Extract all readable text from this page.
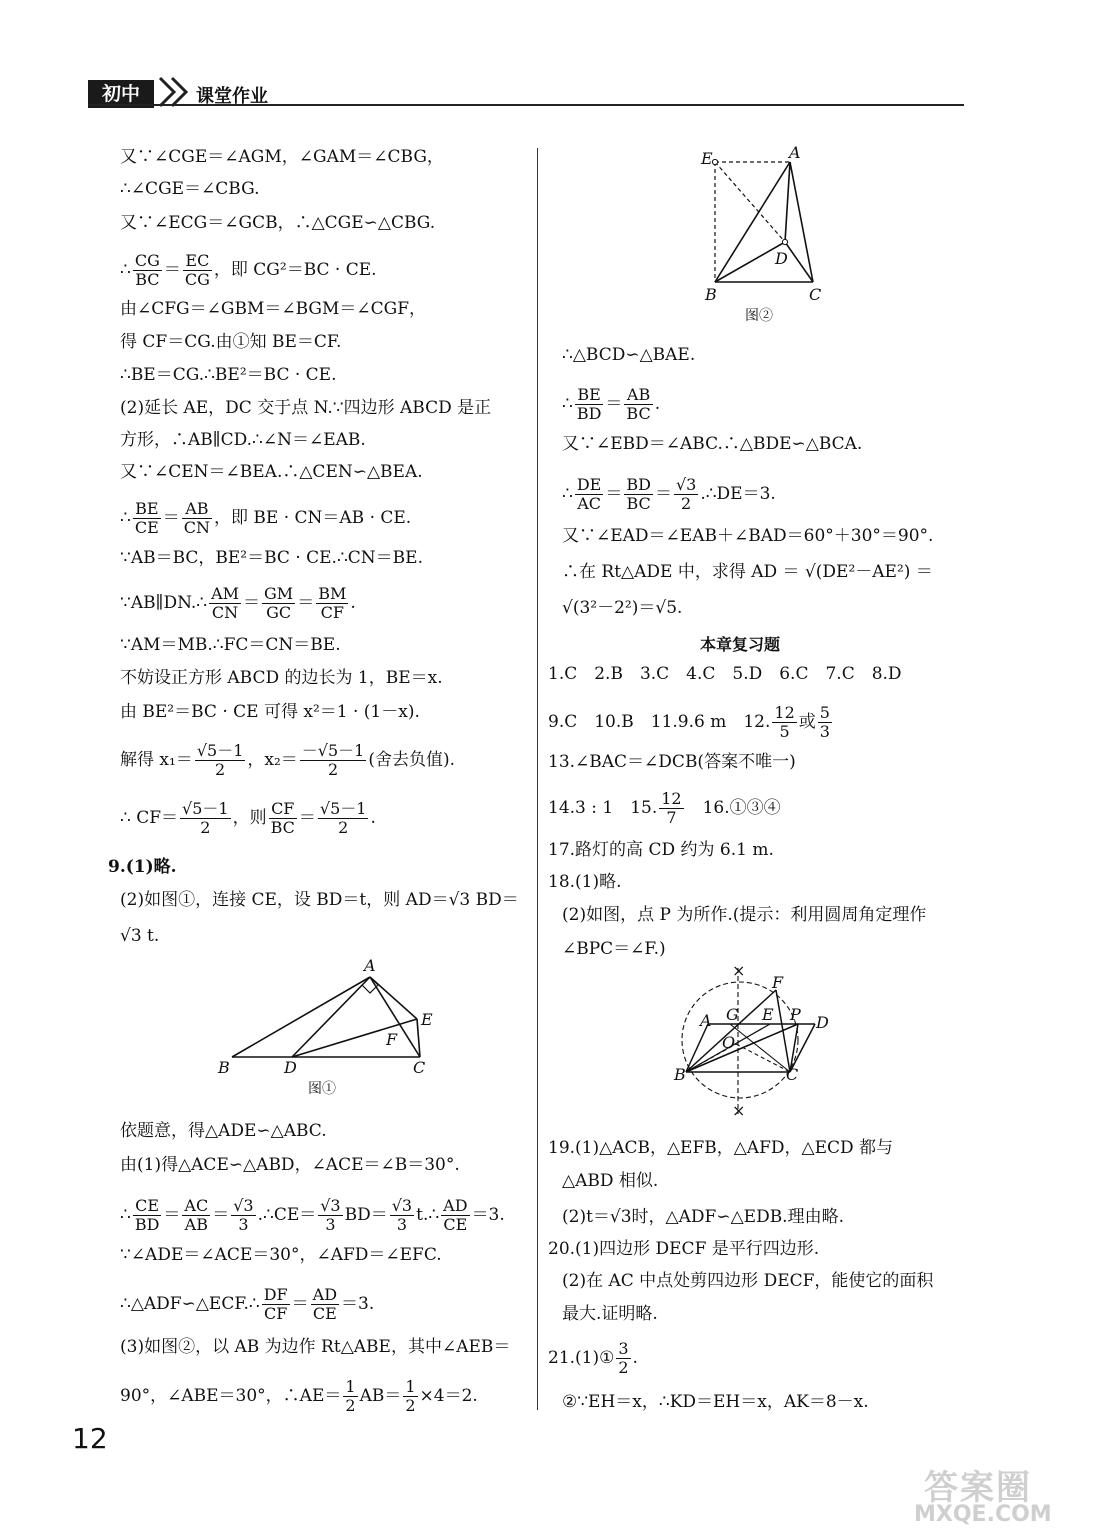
初中	课堂作业
又∵∠CGE＝∠AGM，∠GAM＝∠CBG，
∴∠CGE＝∠CBG.
又∵∠ECG＝∠GCB，∴△CGE∽△CBG.
∴ $\frac{CG}{BC} = \frac{EC}{CG}$ ，即 CG²＝BC · CE.
由∠CFG＝∠GBM＝∠BGM＝∠CGF，
得 CF＝CG.由①知 BE＝CF.
∴BE＝CG.∴BE²＝BC · CE.
(2)延长 AE，DC 交于点 N.∵四边形 ABCD 是正
方形，∴AB∥CD.∴∠N＝∠EAB.
又∵∠CEN＝∠BEA.∴△CEN∽△BEA.
∴ $\frac{BE}{CE} = \frac{AB}{CN}$ ，即 BE · CN＝AB · CE.
∵AB＝BC，BE²＝BC · CE.∴CN＝BE.
∵AB∥DN.∴ $\frac{AM}{CN} = \frac{GM}{GC} = \frac{BM}{CF}$ .
∵AM＝MB.∴FC＝CN＝BE.
不妨设正方形 ABCD 的边长为 1，BE＝x.
由 BE²＝BC · CE 可得 x²＝1 · (1－x).
解得 $x_1= \frac{√5-1}{2}$ ，$x_2= \frac{-√5-1}{2}$ (舍去负值).
∴ $CF= \frac{√5-1}{2}$ ，则 $\frac{CF}{BC} = \frac{√5-1}{2}$ .
9.(1)略.
(2)如图①，连接 CE，设 BD＝t，则 AD＝√3 BD＝
√3 t.
A
B	D	C
E
F
图①
依题意，得△ADE∽△ABC.
由(1)得△ACE∽△ABD，∠ACE＝∠B＝30°.
∴ $\frac{CE}{BD} = \frac{AC}{AB} = \frac{√3}{3}$ .∴CE＝ $\frac{√3}{3} BD= \frac{√3}{3}$ t.∴ $\frac{AD}{CE} =3$.
∵∠ADE＝∠ACE＝30°，∠AFD＝∠EFC.
∴△ADF∽△ECF.∴ $\frac{DF}{CF} = \frac{AD}{CE} =3$.
(3)如图②，以 AB 为边作 Rt△ABE，其中∠AEB＝
90°，∠ABE＝30°，∴AE＝ $\frac{1}{2} AB= \frac{1}{2} \times 4=2$.
E	A
D
B	C
图②
∴△BCD∽△BAE.
∴ $\frac{BE}{BD} = \frac{AB}{BC}$ .
又∵∠EBD＝∠ABC.∴△BDE∽△BCA.
∴ $\frac{DE}{AC} = \frac{BD}{BC} = \frac{√3}{2}$ .∴DE＝3.
又∵∠EAD＝∠EAB＋∠BAD＝60°＋30°＝90°.
∴在 Rt△ADE 中，求得 AD ＝ √(DE²－AE²) ＝
√(3²－2²)＝√5.
本章复习题
1.C　2.B　3.C　4.C　5.D　6.C　7.C　8.D
9.C　10.B　11.9.6 m　12. $\frac{12}{5}$ 或 $\frac{5}{3}$
13.∠BAC＝∠DCB(答案不唯一)
14.3 : 1　15. $\frac{12}{7}$ 　16.①③④
17.路灯的高 CD 约为 6.1 m.
18.(1)略.
(2)如图，点 P 为所作.(提示：利用圆周角定理作
∠BPC＝∠F.)
A G E P D
F
O
B	C
×
×
19.(1)△ACB，△EFB，△AFD，△ECD 都与
△ABD 相似.
(2)t＝√3时，△ADF∽△EDB.理由略.
20.(1)四边形 DECF 是平行四边形.
(2)在 AC 中点处剪四边形 DECF，能使它的面积
最大.证明略.
21.(1)① $\frac{3}{2}$ .
②∵EH＝x，∴KD＝EH＝x，AK＝8－x.
12
答案圈
MXQE.COM
